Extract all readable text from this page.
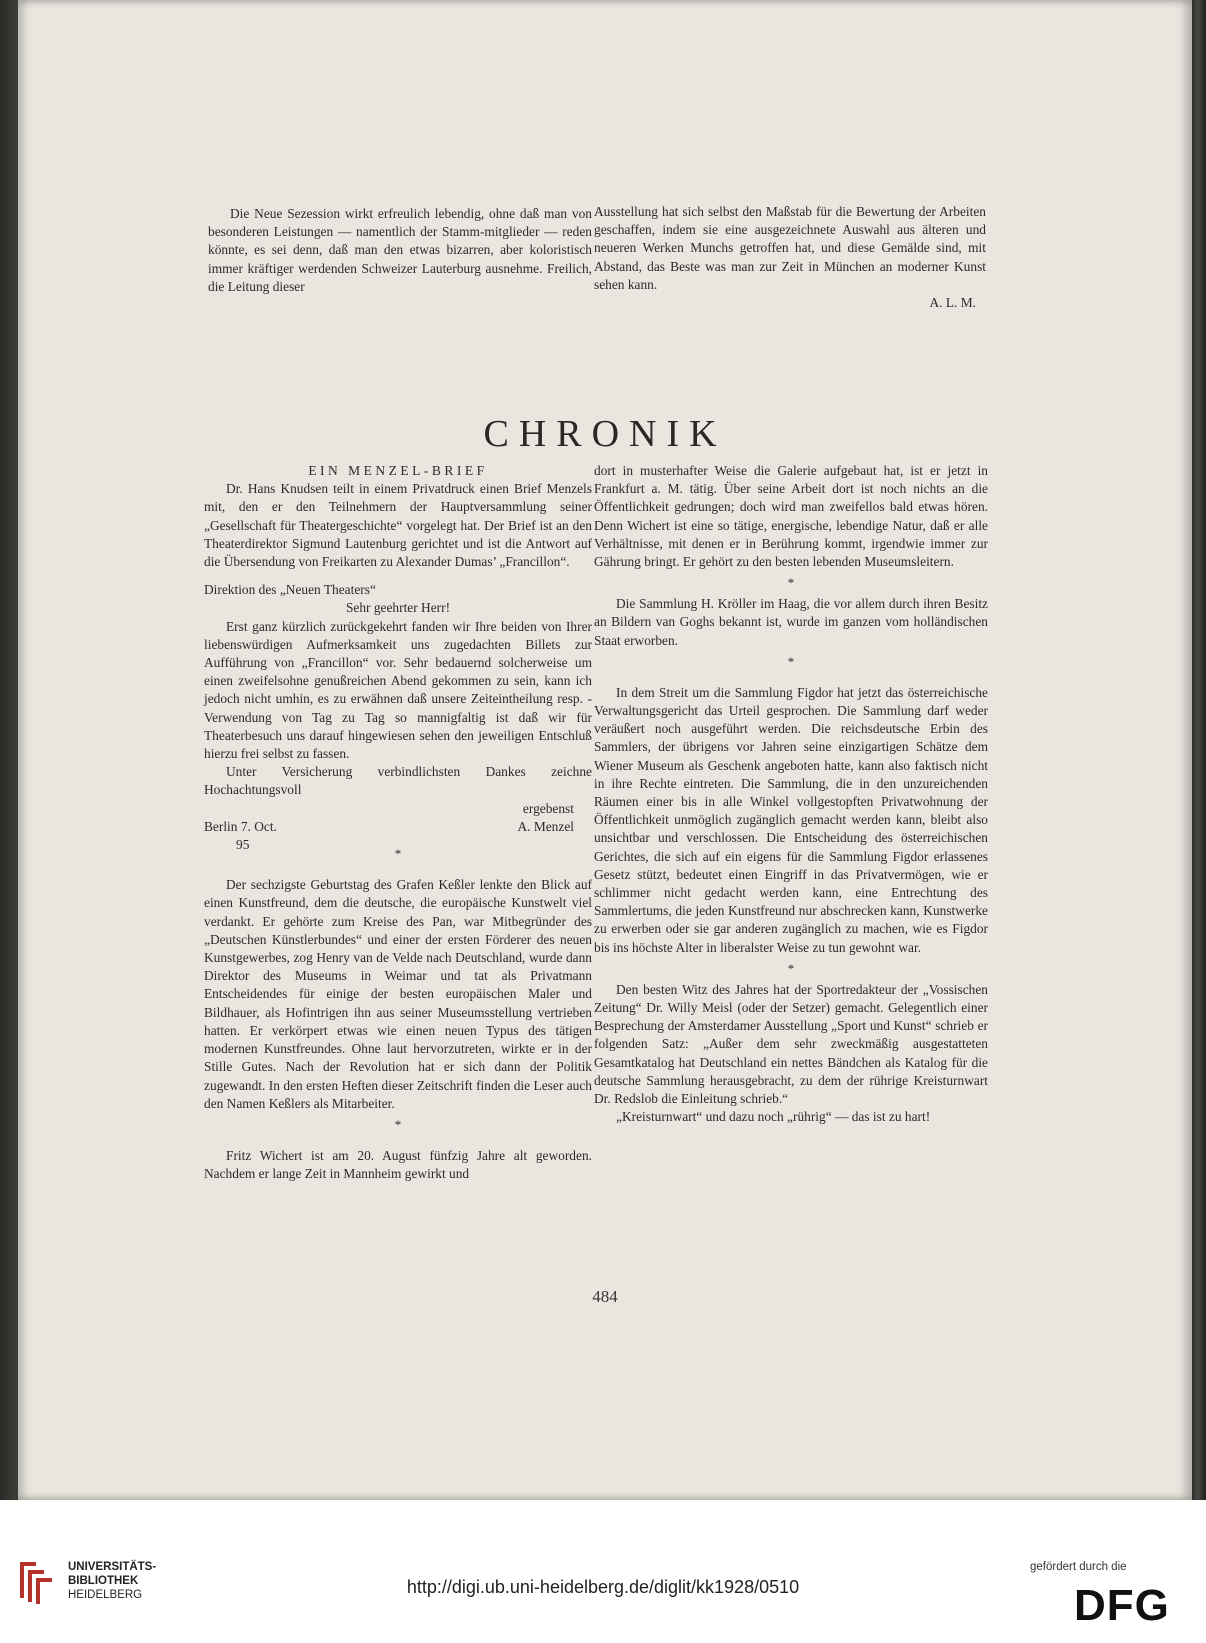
Die Neue Sezession wirkt erfreulich lebendig, ohne daß man von besonderen Leistungen — namentlich der Stamm-mitglieder — reden könnte, es sei denn, daß man den etwas bizarren, aber koloristisch immer kräftiger werdenden Schweizer Lauterburg ausnehme. Freilich, die Leitung dieser

Ausstellung hat sich selbst den Maßstab für die Bewertung der Arbeiten geschaffen, indem sie eine ausgezeichnete Auswahl aus älteren und neueren Werken Munchs getroffen hat, und diese Gemälde sind, mit Abstand, das Beste was man zur Zeit in München an moderner Kunst sehen kann.

A. L. M.

CHRONIK

EIN MENZEL-BRIEF

Dr. Hans Knudsen teilt in einem Privatdruck einen Brief Menzels mit, den er den Teilnehmern der Hauptversammlung seiner „Gesellschaft für Theatergeschichte“ vorgelegt hat. Der Brief ist an den Theaterdirektor Sigmund Lautenburg gerichtet und ist die Antwort auf die Übersendung von Freikarten zu Alexander Dumas’ „Francillon“.

Direktion des „Neuen Theaters“

Sehr geehrter Herr!

Erst ganz kürzlich zurückgekehrt fanden wir Ihre beiden von Ihrer liebenswürdigen Aufmerksamkeit uns zugedachten Billets zur Aufführung von „Francillon“ vor. Sehr bedauernd solcherweise um einen zweifelsohne genußreichen Abend gekommen zu sein, kann ich jedoch nicht umhin, es zu erwähnen daß unsere Zeiteintheilung resp. -Verwendung von Tag zu Tag so mannigfaltig ist daß wir für Theaterbesuch uns darauf hingewiesen sehen den jeweiligen Entschluß hierzu frei selbst zu fassen.

Unter Versicherung verbindlichsten Dankes zeichne Hochachtungsvoll

ergebenst

Berlin 7. Oct.	A. Menzel

95

*

Der sechzigste Geburtstag des Grafen Keßler lenkte den Blick auf einen Kunstfreund, dem die deutsche, die europäische Kunstwelt viel verdankt. Er gehörte zum Kreise des Pan, war Mitbegründer des „Deutschen Künstlerbundes“ und einer der ersten Förderer des neuen Kunstgewerbes, zog Henry van de Velde nach Deutschland, wurde dann Direktor des Museums in Weimar und tat als Privatmann Entscheidendes für einige der besten europäischen Maler und Bildhauer, als Hofintrigen ihn aus seiner Museumsstellung vertrieben hatten. Er verkörpert etwas wie einen neuen Typus des tätigen modernen Kunstfreundes. Ohne laut hervorzutreten, wirkte er in der Stille Gutes. Nach der Revolution hat er sich dann der Politik zugewandt. In den ersten Heften dieser Zeitschrift finden die Leser auch den Namen Keßlers als Mitarbeiter.

*

Fritz Wichert ist am 20. August fünfzig Jahre alt geworden. Nachdem er lange Zeit in Mannheim gewirkt und

dort in musterhafter Weise die Galerie aufgebaut hat, ist er jetzt in Frankfurt a. M. tätig. Über seine Arbeit dort ist noch nichts an die Öffentlichkeit gedrungen; doch wird man zweifellos bald etwas hören. Denn Wichert ist eine so tätige, energische, lebendige Natur, daß er alle Verhältnisse, mit denen er in Berührung kommt, irgendwie immer zur Gährung bringt. Er gehört zu den besten lebenden Museumsleitern.

*

Die Sammlung H. Kröller im Haag, die vor allem durch ihren Besitz an Bildern van Goghs bekannt ist, wurde im ganzen vom holländischen Staat erworben.

*

In dem Streit um die Sammlung Figdor hat jetzt das österreichische Verwaltungsgericht das Urteil gesprochen. Die Sammlung darf weder veräußert noch ausgeführt werden. Die reichsdeutsche Erbin des Sammlers, der übrigens vor Jahren seine einzigartigen Schätze dem Wiener Museum als Geschenk angeboten hatte, kann also faktisch nicht in ihre Rechte eintreten. Die Sammlung, die in den unzureichenden Räumen einer bis in alle Winkel vollgestopften Privatwohnung der Öffentlichkeit unmöglich zugänglich gemacht werden kann, bleibt also unsichtbar und verschlossen. Die Entscheidung des österreichischen Gerichtes, die sich auf ein eigens für die Sammlung Figdor erlassenes Gesetz stützt, bedeutet einen Eingriff in das Privatvermögen, wie er schlimmer nicht gedacht werden kann, eine Entrechtung des Sammlertums, die jeden Kunstfreund nur abschrecken kann, Kunstwerke zu erwerben oder sie gar anderen zugänglich zu machen, wie es Figdor bis ins höchste Alter in liberalster Weise zu tun gewohnt war.

*

Den besten Witz des Jahres hat der Sportredakteur der „Vossischen Zeitung“ Dr. Willy Meisl (oder der Setzer) gemacht. Gelegentlich einer Besprechung der Amsterdamer Ausstellung „Sport und Kunst“ schrieb er folgenden Satz: „Außer dem sehr zweckmäßig ausgestatteten Gesamtkatalog hat Deutschland ein nettes Bändchen als Katalog für die deutsche Sammlung herausgebracht, zu dem der rührige Kreisturnwart Dr. Redslob die Einleitung schrieb.“

„Kreisturnwart“ und dazu noch „rührig“ — das ist zu hart!

484
UNIVERSITÄTS-
BIBLIOTHEK
HEIDELBERG	http://digi.ub.uni-heidelberg.de/diglit/kk1928/0510
gefördert durch die
DFG
